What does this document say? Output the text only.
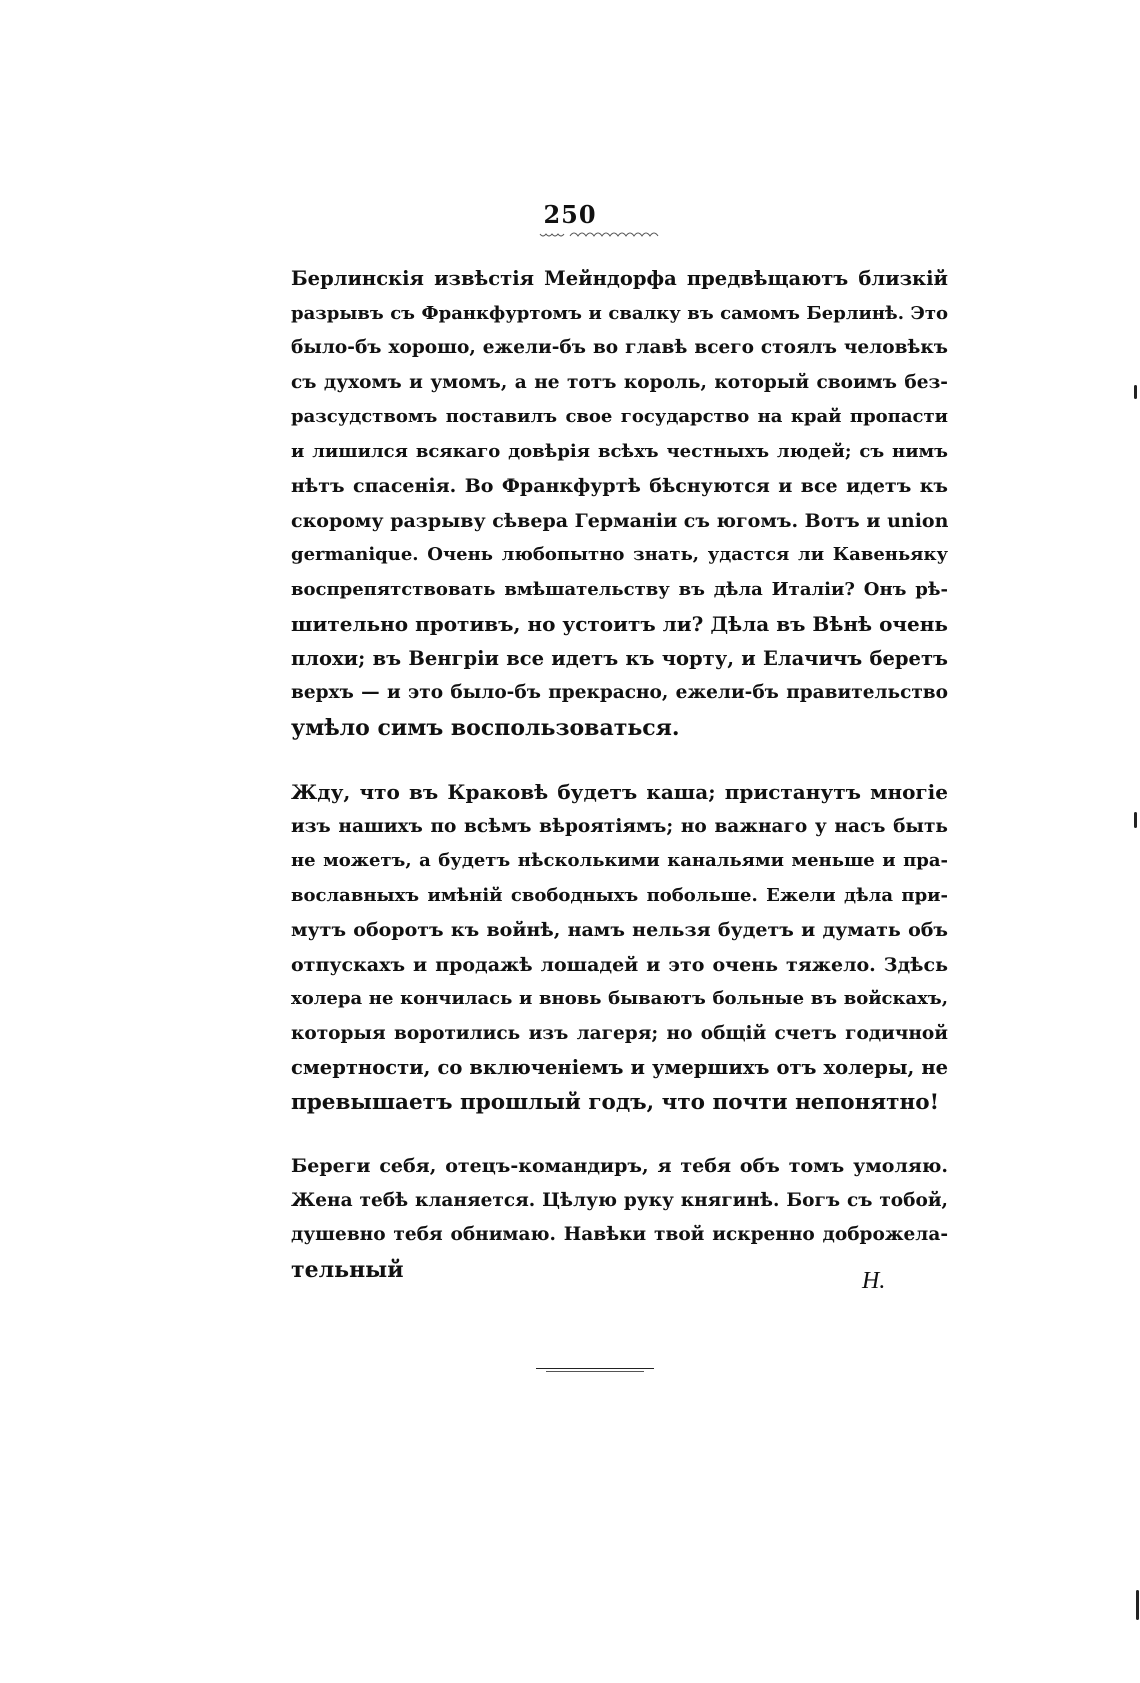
250
Берлинскія извѣстія Мейндорфа предвѣщаютъ близкій
разрывъ съ Франкфуртомъ и свалку въ самомъ Берлинѣ. Это
было-бъ хорошо, ежели-бъ во главѣ всего стоялъ человѣкъ
съ духомъ и умомъ, а не тотъ король, который своимъ без-
разсудствомъ поставилъ свое государство на край пропасти
и лишился всякаго довѣрія всѣхъ честныхъ людей; съ нимъ
нѣтъ спасенія. Во Франкфуртѣ бѣснуются и все идетъ къ
скорому разрыву сѣвера Германіи съ югомъ. Вотъ и union
germanique. Очень любопытно знать, удастся ли Кавеньяку
воспрепятствовать вмѣшательству въ дѣла Италіи? Онъ рѣ-
шительно противъ, но устоитъ ли? Дѣла въ Вѣнѣ очень
плохи; въ Венгріи все идетъ къ чорту, и Елачичъ беретъ
верхъ — и это было-бъ прекрасно, ежели-бъ правительство
умѣло симъ воспользоваться.
Жду, что въ Краковѣ будетъ каша; пристанутъ многіе
изъ нашихъ по всѣмъ вѣроятіямъ; но важнаго у насъ быть
не можетъ, а будетъ нѣсколькими канальями меньше и пра-
вославныхъ имѣній свободныхъ побольше. Ежели дѣла при-
мутъ оборотъ къ войнѣ, намъ нельзя будетъ и думать объ
отпускахъ и продажѣ лошадей и это очень тяжело. Здѣсь
холера не кончилась и вновь бываютъ больные въ войскахъ,
которыя воротились изъ лагеря; но общій счетъ годичной
смертности, со включеніемъ и умершихъ отъ холеры, не
превышаетъ прошлый годъ, что почти непонятно!
Береги себя, отецъ-командиръ, я тебя объ томъ умоляю.
Жена тебѣ кланяется. Цѣлую руку княгинѣ. Богъ съ тобой,
душевно тебя обнимаю. Навѣки твой искренно доброжела-
тельный	Н.
